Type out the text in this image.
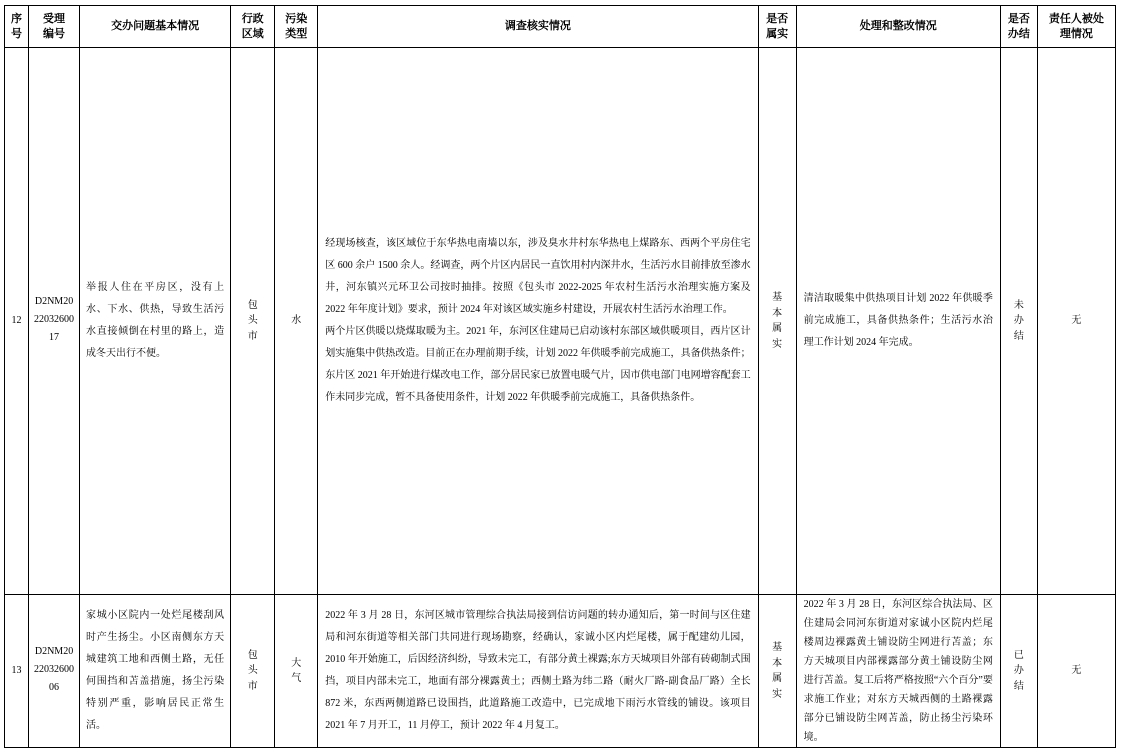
序号	受理编号	交办问题基本情况	行政区域	污染类型	调查核实情况	是否属实	处理和整改情况	是否办结	责任人被处理情况
12	D2NM202203260017	举报人住在平房区，没有上水、下水、供热，导致生活污水直接倾倒在村里的路上，造成冬天出行不便。	包头市	水	经现场核查，该区域位于东华热电南墙以东，涉及臭水井村东华热电上煤路东、西两个平房住宅区 600 余户 1500 余人。经调查，两个片区内居民一直饮用村内深井水，生活污水目前排放至渗水井，河东镇兴元环卫公司按时抽排。按照《包头市 2022-2025 年农村生活污水治理实施方案及 2022 年年度计划》要求，预计 2024 年对该区域实施乡村建设，开展农村生活污水治理工作。
两个片区供暖以烧煤取暖为主。2021 年，东河区住建局已启动该村东部区域供暖项目，西片区计划实施集中供热改造。目前正在办理前期手续，计划 2022 年供暖季前完成施工，具备供热条件；东片区 2021 年开始进行煤改电工作，部分居民家已放置电暖气片，因市供电部门电网增容配套工作未同步完成，暂不具备使用条件，计划 2022 年供暖季前完成施工，具备供热条件。	基本属实	清洁取暖集中供热项目计划 2022 年供暖季前完成施工，具备供热条件；生活污水治理工作计划 2024 年完成。	未办结	无
13	D2NM202203260006	家城小区院内一处烂尾楼刮风时产生扬尘。小区南侧东方天城建筑工地和西侧土路，无任何围挡和苫盖措施，扬尘污染特别严重，影响居民正常生活。	包头市	大气	2022 年 3 月 28 日，东河区城市管理综合执法局接到信访问题的转办通知后，第一时间与区住建局和河东街道等相关部门共同进行现场勘察，经确认，家诚小区内烂尾楼，属于配建幼儿园，2010 年开始施工，后因经济纠纷，导致未完工，有部分黄土裸露;东方天城项目外部有砖砌制式围挡，项目内部未完工，地面有部分裸露黄土；西侧土路为纬二路（耐火厂路-副食品厂路）全长 872 米，东西两侧道路已设围挡，此道路施工改造中，已完成地下雨污水管线的铺设。该项目 2021 年 7 月开工，11 月停工，预计 2022 年 4 月复工。	基本属实	2022 年 3 月 28 日，东河区综合执法局、区住建局会同河东街道对家诚小区院内烂尾楼周边裸露黄土铺设防尘网进行苫盖；东方天城项目内部裸露部分黄土铺设防尘网进行苫盖。复工后将严格按照“六个百分”要求施工作业；对东方天城西侧的土路裸露部分已铺设防尘网苫盖，防止扬尘污染环境。	已办结	无
